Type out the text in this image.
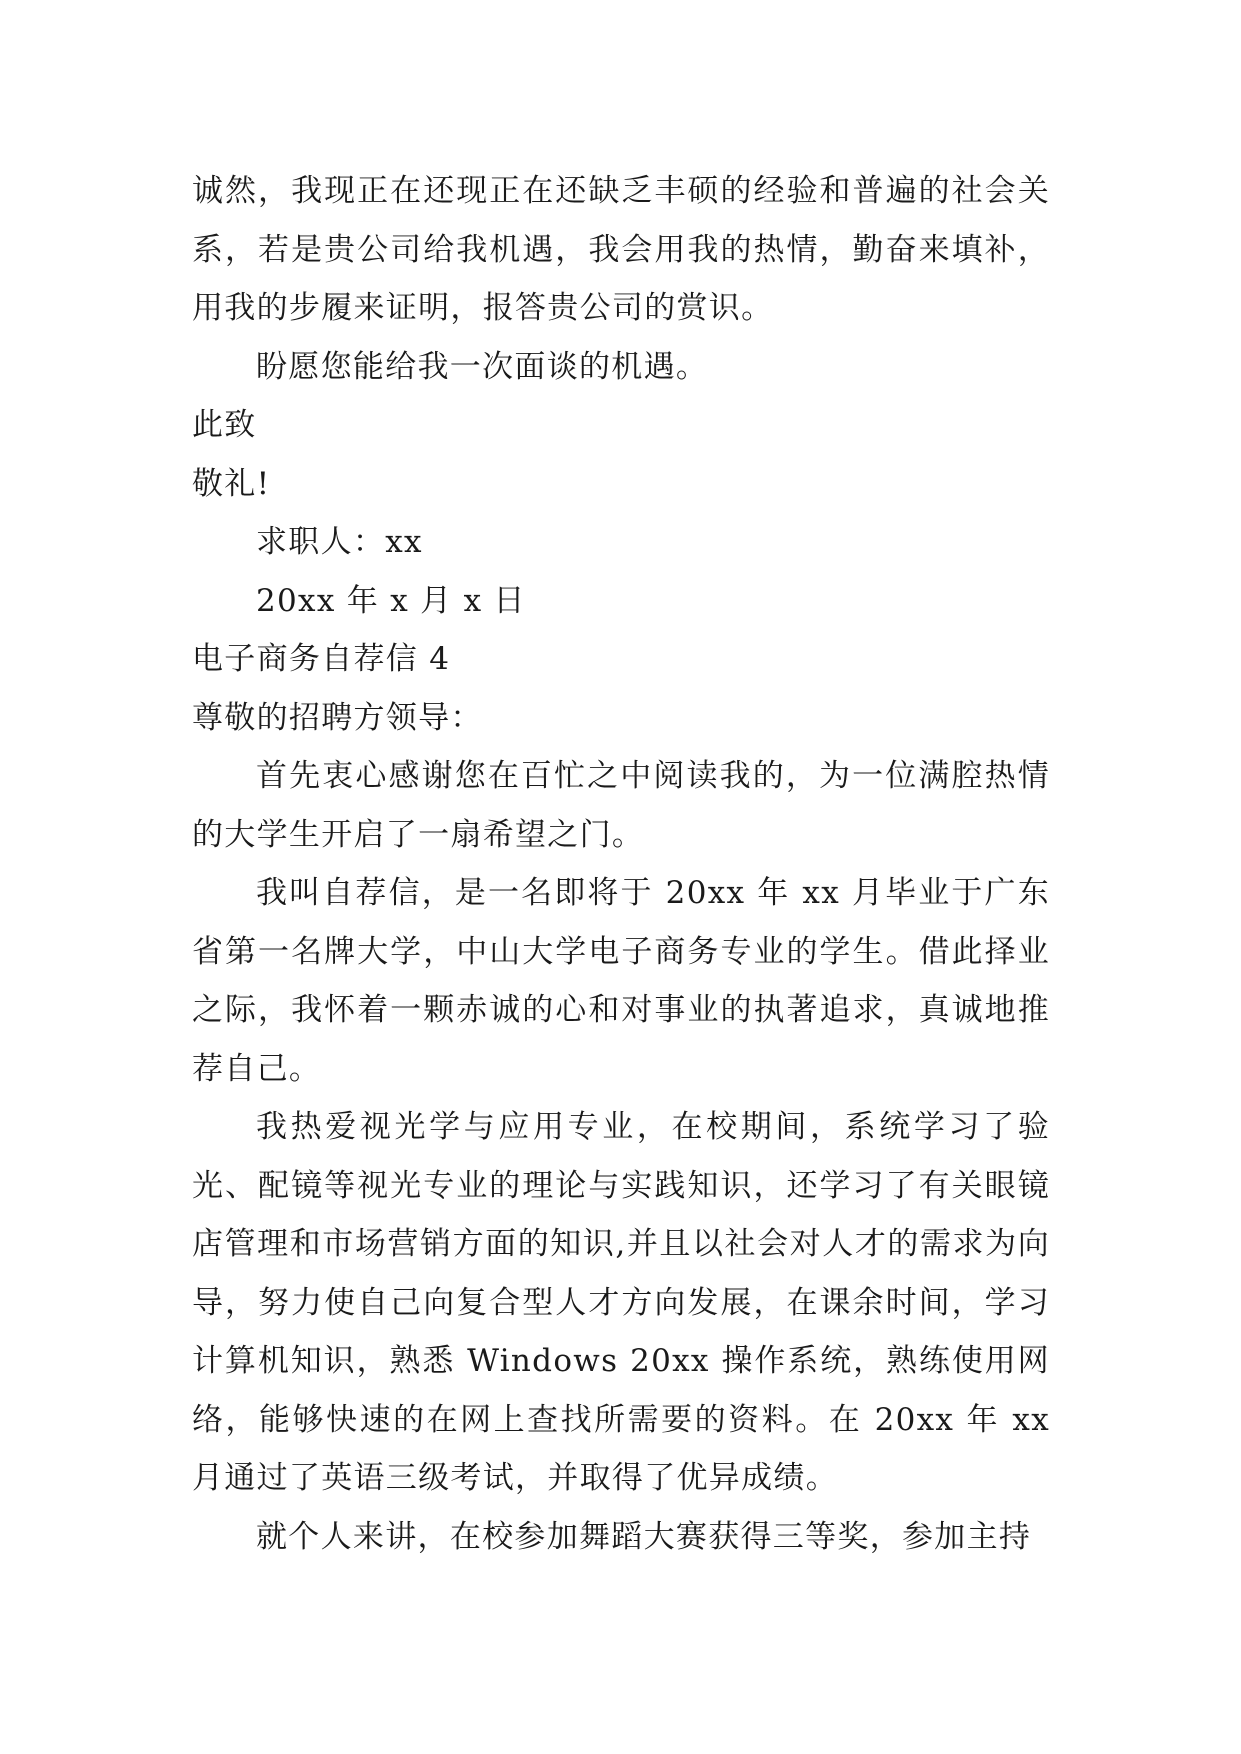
诚然，我现正在还现正在还缺乏丰硕的经验和普遍的社会关系，若是贵公司给我机遇，我会用我的热情，勤奋来填补，用我的步履来证明，报答贵公司的赏识。

盼愿您能给我一次面谈的机遇。

此致

敬礼!

求职人：xx

20xx 年 x 月 x 日

电子商务自荐信 4

尊敬的招聘方领导：

首先衷心感谢您在百忙之中阅读我的，为一位满腔热情的大学生开启了一扇希望之门。

我叫自荐信，是一名即将于 20xx 年 xx 月毕业于广东省第一名牌大学，中山大学电子商务专业的学生。借此择业之际，我怀着一颗赤诚的心和对事业的执著追求，真诚地推荐自己。

我热爱视光学与应用专业，在校期间，系统学习了验光、配镜等视光专业的理论与实践知识，还学习了有关眼镜店管理和市场营销方面的知识,并且以社会对人才的需求为向导，努力使自己向复合型人才方向发展，在课余时间，学习计算机知识，熟悉 Windows 20xx 操作系统，熟练使用网络，能够快速的在网上查找所需要的资料。在 20xx 年 xx 月通过了英语三级考试，并取得了优异成绩。

就个人来讲，在校参加舞蹈大赛获得三等奖，参加主持
